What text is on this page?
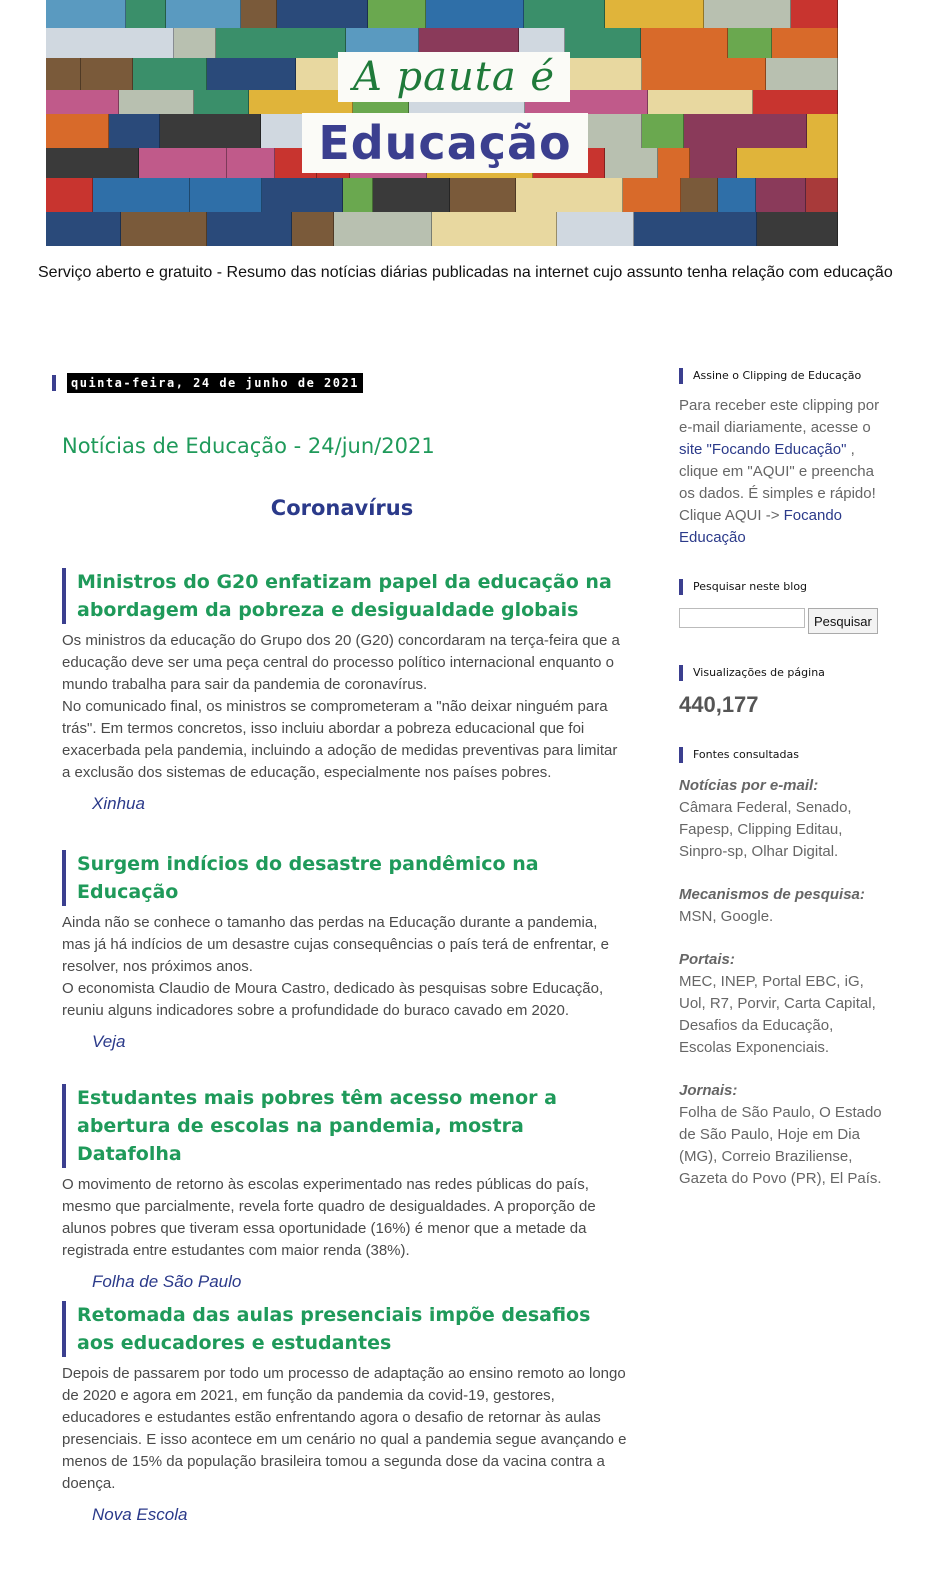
A pauta é
Educação
Serviço aberto e gratuito - Resumo das notícias diárias publicadas na internet cujo assunto tenha relação com educação
quinta-feira, 24 de junho de 2021
Notícias de Educação - 24/jun/2021
Coronavírus
Ministros do G20 enfatizam papel da educação na abordagem da pobreza e desigualdade globais

Os ministros da educação do Grupo dos 20 (G20) concordaram na terça-feira que a educação deve ser uma peça central do processo político internacional enquanto o mundo trabalha para sair da pandemia de coronavírus.

No comunicado final, os ministros se comprometeram a "não deixar ninguém para trás". Em termos concretos, isso incluiu abordar a pobreza educacional que foi exacerbada pela pandemia, incluindo a adoção de medidas preventivas para limitar a exclusão dos sistemas de educação, especialmente nos países pobres.

Xinhua
Surgem indícios do desastre pandêmico na Educação

Ainda não se conhece o tamanho das perdas na Educação durante a pandemia, mas já há indícios de um desastre cujas consequências o país terá de enfrentar, e resolver, nos próximos anos.

O economista Claudio de Moura Castro, dedicado às pesquisas sobre Educação, reuniu alguns indicadores sobre a profundidade do buraco cavado em 2020.

Veja
Estudantes mais pobres têm acesso menor a abertura de escolas na pandemia, mostra Datafolha

O movimento de retorno às escolas experimentado nas redes públicas do país, mesmo que parcialmente, revela forte quadro de desigualdades. A proporção de alunos pobres que tiveram essa oportunidade (16%) é menor que a metade da registrada entre estudantes com maior renda (38%).

Folha de São Paulo
Retomada das aulas presenciais impõe desafios aos educadores e estudantes

Depois de passarem por todo um processo de adaptação ao ensino remoto ao longo de 2020 e agora em 2021, em função da pandemia da covid-19, gestores, educadores e estudantes estão enfrentando agora o desafio de retornar às aulas presenciais. E isso acontece em um cenário no qual a pandemia segue avançando e menos de 15% da população brasileira tomou a segunda dose da vacina contra a doença.

Nova Escola
Assine o Clipping de Educação
Para receber este clipping por e-mail diariamente, acesse o site "Focando Educação" , clique em "AQUI" e preencha os dados. É simples e rápido! Clique AQUI -> Focando Educação
Pesquisar neste blog
Pesquisar
Visualizações de página
440,177
Fontes consultadas
Notícias por e-mail:
Câmara Federal, Senado, Fapesp, Clipping Editau, Sinpro-sp, Olhar Digital.
Mecanismos de pesquisa:
MSN, Google.
Portais:
MEC, INEP, Portal EBC, iG, Uol, R7, Porvir, Carta Capital, Desafios da Educação, Escolas Exponenciais.
Jornais:
Folha de São Paulo, O Estado de São Paulo, Hoje em Dia (MG), Correio Braziliense, Gazeta do Povo (PR), El País.
